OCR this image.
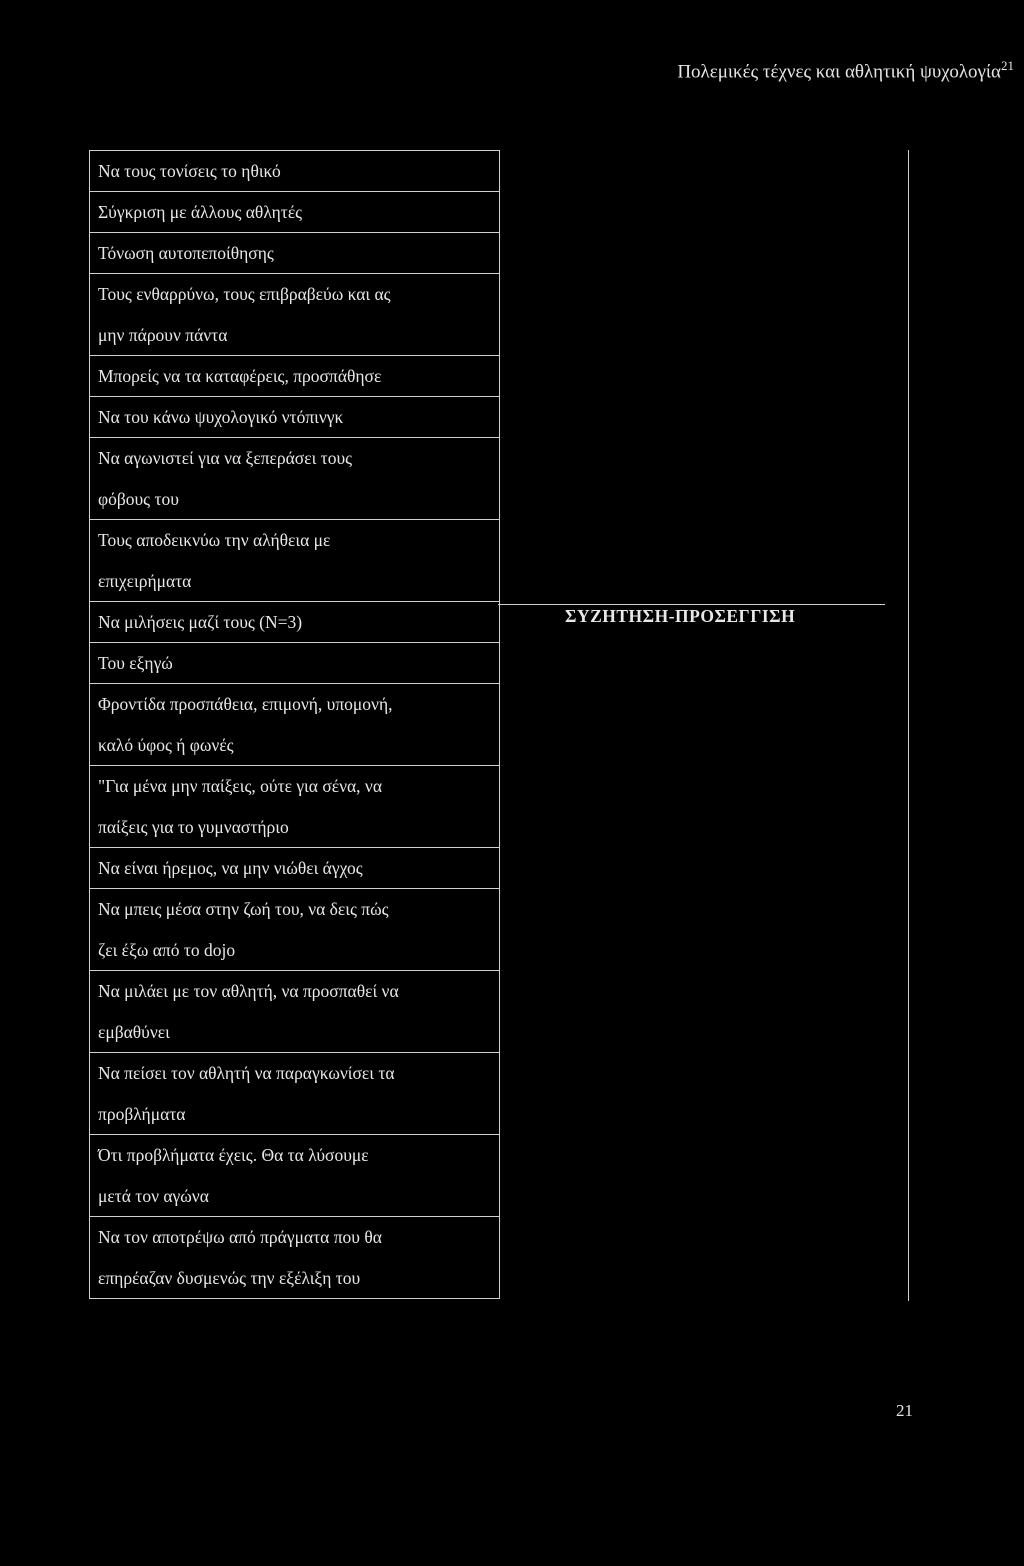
Πολεμικές τέχνες και αθλητική ψυχολογία$^{21}$
Να τους τονίσεις το ηθικό
Σύγκριση με άλλους αθλητές
Τόνωση αυτοπεποίθησης
Τους ενθαρρύνω, τους επιβραβεύω και ας
μην πάρουν πάντα
Μπορείς να τα καταφέρεις, προσπάθησε
Να του κάνω ψυχολογικό ντόπινγκ
Να αγωνιστεί για να ξεπεράσει τους
φόβους του
Τους αποδεικνύω την αλήθεια με
επιχειρήματα
Να μιλήσεις μαζί τους (Ν=3)
Του εξηγώ
Φροντίδα προσπάθεια, επιμονή, υπομονή,
καλό ύφος ή φωνές
"Για μένα μην παίξεις, ούτε για σένα, να
παίξεις για το γυμναστήριο
Να είναι ήρεμος, να μην νιώθει άγχος
Να μπεις μέσα στην ζωή του, να δεις πώς
ζει έξω από το dojo
Να μιλάει με τον αθλητή, να προσπαθεί να
εμβαθύνει
Να πείσει τον αθλητή να παραγκωνίσει τα
προβλήματα
Ότι προβλήματα έχεις. Θα τα λύσουμε
μετά τον αγώνα
Να τον αποτρέψω από πράγματα που θα
επηρέαζαν δυσμενώς την εξέλιξη του
ΣΥΖΗΤΗΣΗ-ΠΡΟΣΕΓΓΙΣΗ
21
